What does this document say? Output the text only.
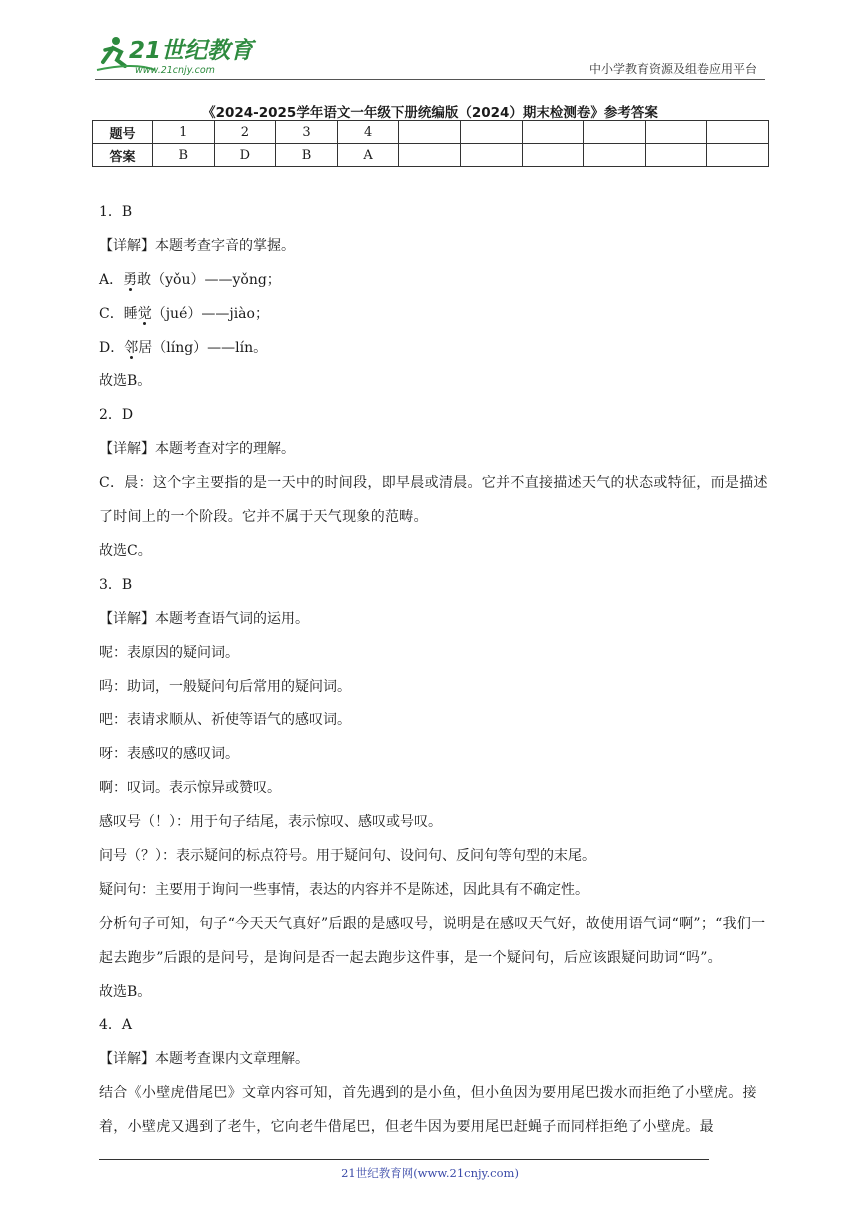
21世纪教育
www.21cnjy.com	中小学教育资源及组卷应用平台
《2024-2025学年语文一年级下册统编版（2024）期末检测卷》参考答案
题号	1	2	3	4						
答案	B	D	B	A						
1．B
【详解】本题考查字音的掌握。
A．勇敢（yǒu）——yǒng；
C．睡觉（jué）——jiào；
D．邻居（líng）——lín。
故选B。
2．D
【详解】本题考查对字的理解。
C．晨：这个字主要指的是一天中的时间段，即早晨或清晨。它并不直接描述天气的状态或特征，而是描述了时间上的一个阶段。它并不属于天气现象的范畴。
故选C。
3．B
【详解】本题考查语气词的运用。
呢：表原因的疑问词。
吗：助词，一般疑问句后常用的疑问词。
吧：表请求顺从、祈使等语气的感叹词。
呀：表感叹的感叹词。
啊：叹词。表示惊异或赞叹。
感叹号（！）：用于句子结尾，表示惊叹、感叹或号叹。
问号（？）：表示疑问的标点符号。用于疑问句、设问句、反问句等句型的末尾。
疑问句：主要用于询问一些事情，表达的内容并不是陈述，因此具有不确定性。
分析句子可知，句子“今天天气真好”后跟的是感叹号，说明是在感叹天气好，故使用语气词“啊”；“我们一起去跑步”后跟的是问号，是询问是否一起去跑步这件事，是一个疑问句，后应该跟疑问助词“吗”。
故选B。
4．A
【详解】本题考查课内文章理解。
结合《小壁虎借尾巴》文章内容可知，首先遇到的是小鱼，但小鱼因为要用尾巴拨水而拒绝了小壁虎。接着，小壁虎又遇到了老牛，它向老牛借尾巴，但老牛因为要用尾巴赶蝇子而同样拒绝了小壁虎。最
21世纪教育网(www.21cnjy.com)
